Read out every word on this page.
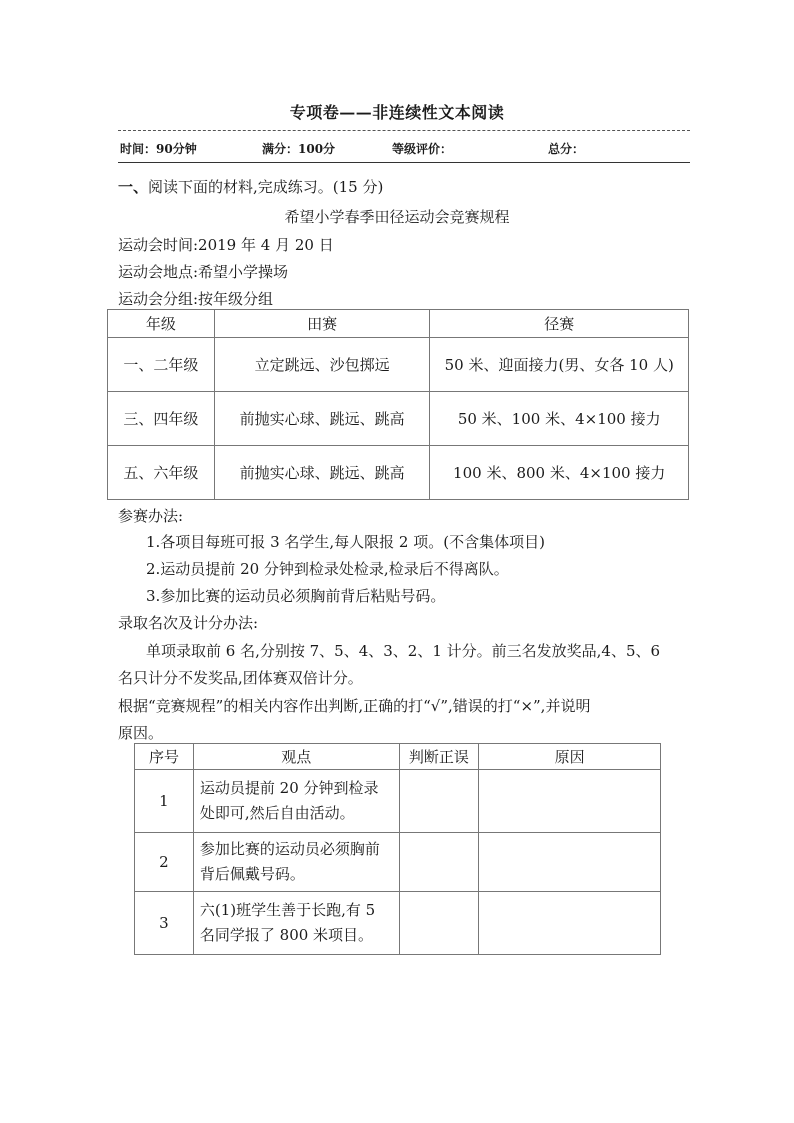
专项卷——非连续性文本阅读
时间：90分钟	满分：100分	等级评价：	总分：
一、阅读下面的材料,完成练习。(15 分)
希望小学春季田径运动会竞赛规程
运动会时间:2019 年 4 月 20 日
运动会地点:希望小学操场
运动会分组:按年级分组
年级	田赛	径赛
一、二年级	立定跳远、沙包掷远	50 米、迎面接力(男、女各 10 人)
三、四年级	前抛实心球、跳远、跳高	50 米、100 米、4×100 接力
五、六年级	前抛实心球、跳远、跳高	100 米、800 米、4×100 接力
参赛办法:
1.各项目每班可报 3 名学生,每人限报 2 项。(不含集体项目)
2.运动员提前 20 分钟到检录处检录,检录后不得离队。
3.参加比赛的运动员必须胸前背后粘贴号码。
录取名次及计分办法:
单项录取前 6 名,分别按 7、5、4、3、2、1 计分。前三名发放奖品,4、5、6
名只计分不发奖品,团体赛双倍计分。
根据“竞赛规程”的相关内容作出判断,正确的打“√”,错误的打“×”,并说明
原因。
序号	观点	判断正误	原因
1	运动员提前 20 分钟到检录
处即可,然后自由活动。		

2	参加比赛的运动员必须胸前
背后佩戴号码。		

3	六(1)班学生善于长跑,有 5
名同学报了 800 米项目。		
